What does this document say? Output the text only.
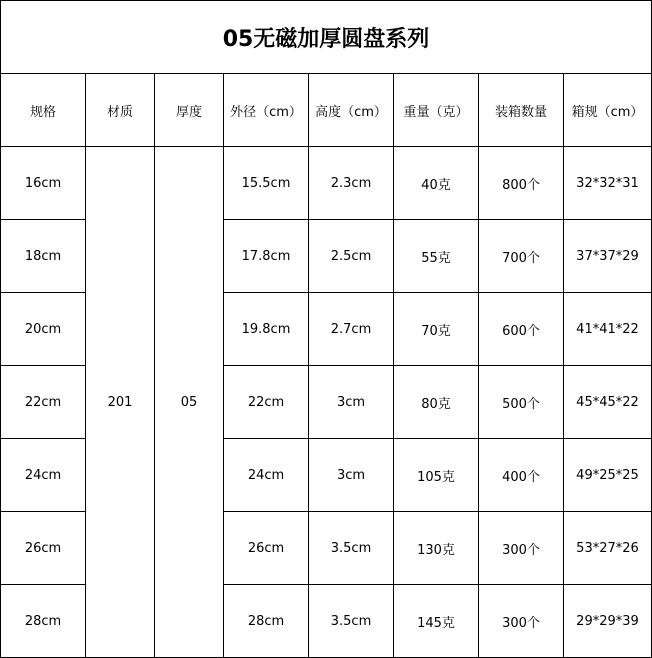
05无磁加厚圆盘系列							
规格	材质	厚度	外径（cm）	高度（cm）	重量（克）	装箱数量	箱规（cm）
16cm	201	05	15.5cm	2.3cm	40克	800个	32*32*31
18cm			17.8cm	2.5cm	55克	700个	37*37*29
20cm			19.8cm	2.7cm	70克	600个	41*41*22
22cm			22cm	3cm	80克	500个	45*45*22
24cm			24cm	3cm	105克	400个	49*25*25
26cm			26cm	3.5cm	130克	300个	53*27*26
28cm			28cm	3.5cm	145克	300个	29*29*39
